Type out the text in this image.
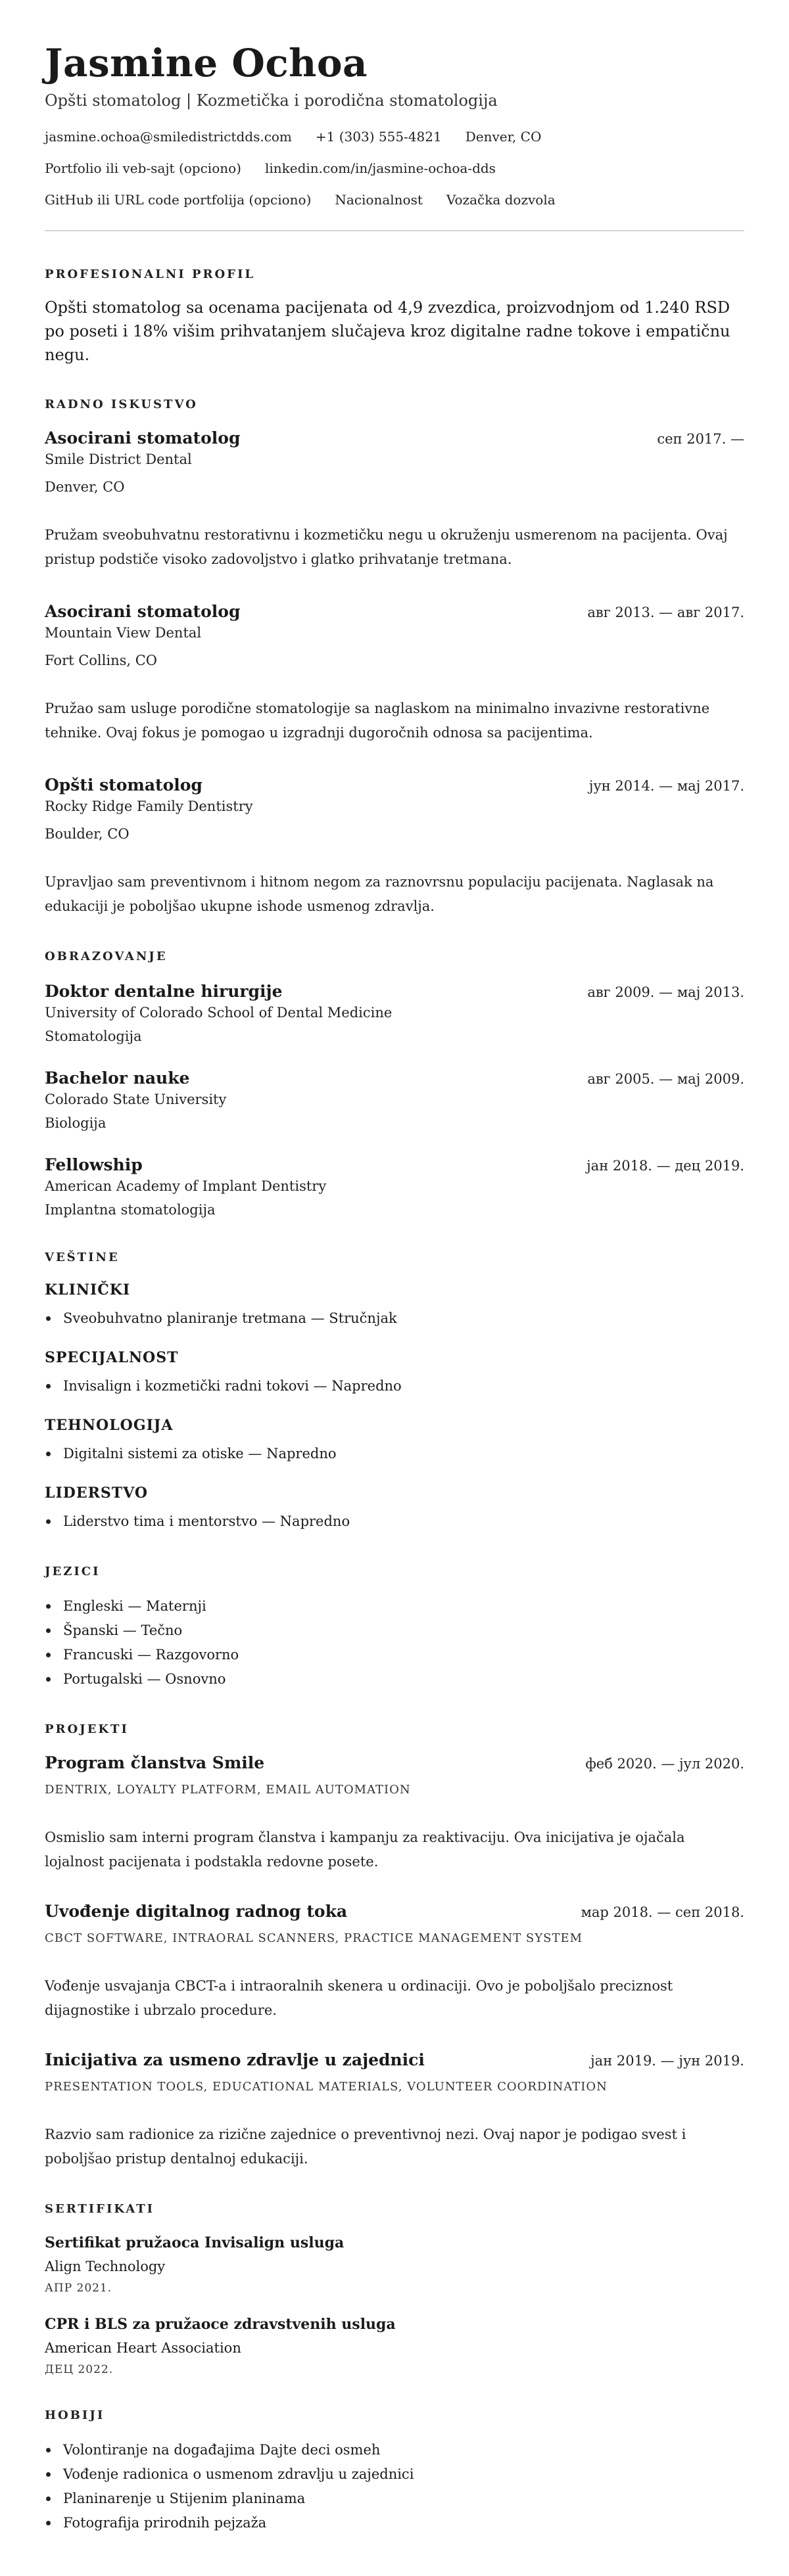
Jasmine Ochoa
Opšti stomatolog | Kozmetička i porodična stomatologija
jasmine.ochoa@smiledistrictdds.com +1 (303) 555-4821 Denver, CO
Portfolio ili veb-sajt (opciono) linkedin.com/in/jasmine-ochoa-dds
GitHub ili URL code portfolija (opciono) Nacionalnost Vozačka dozvola
PROFESIONALNI PROFIL
Opšti stomatolog sa ocenama pacijenata od 4,9 zvezdica, proizvodnjom od 1.240 RSD po poseti i 18% višim prihvatanjem slučajeva kroz digitalne radne tokove i empatičnu negu.
RADNO ISKUSTVO
Asocirani stomatolog	сеп 2017. —
Smile District Dental
Denver, CO
Pružam sveobuhvatnu restorativnu i kozmetičku negu u okruženju usmerenom na pacijenta. Ovaj pristup podstiče visoko zadovoljstvo i glatko prihvatanje tretmana.
Asocirani stomatolog	авг 2013. — авг 2017.
Mountain View Dental
Fort Collins, CO
Pružao sam usluge porodične stomatologije sa naglaskom na minimalno invazivne restorativne tehnike. Ovaj fokus je pomogao u izgradnji dugoročnih odnosa sa pacijentima.
Opšti stomatolog	јун 2014. — мај 2017.
Rocky Ridge Family Dentistry
Boulder, CO
Upravljao sam preventivnom i hitnom negom za raznovrsnu populaciju pacijenata. Naglasak na edukaciji je poboljšao ukupne ishode usmenog zdravlja.
OBRAZOVANJE
Doktor dentalne hirurgije	авг 2009. — мај 2013.
University of Colorado School of Dental Medicine
Stomatologija
Bachelor nauke	авг 2005. — мај 2009.
Colorado State University
Biologija
Fellowship	јан 2018. — дец 2019.
American Academy of Implant Dentistry
Implantna stomatologija
VEŠTINE
KLINIČKI
Sveobuhvatno planiranje tretmana — Stručnjak
SPECIJALNOST
Invisalign i kozmetički radni tokovi — Napredno
TEHNOLOGIJA
Digitalni sistemi za otiske — Napredno
LIDERSTVO
Liderstvo tima i mentorstvo — Napredno
JEZICI
Engleski — Maternji
Španski — Tečno
Francuski — Razgovorno
Portugalski — Osnovno
PROJEKTI
Program članstva Smile	феб 2020. — јул 2020.
DENTRIX, LOYALTY PLATFORM, EMAIL AUTOMATION
Osmislio sam interni program članstva i kampanju za reaktivaciju. Ova inicijativa je ojačala lojalnost pacijenata i podstakla redovne posete.
Uvođenje digitalnog radnog toka	мар 2018. — сеп 2018.
CBCT SOFTWARE, INTRAORAL SCANNERS, PRACTICE MANAGEMENT SYSTEM
Vođenje usvajanja CBCT-a i intraoralnih skenera u ordinaciji. Ovo je poboljšalo preciznost dijagnostike i ubrzalo procedure.
Inicijativa za usmeno zdravlje u zajednici	јан 2019. — јун 2019.
PRESENTATION TOOLS, EDUCATIONAL MATERIALS, VOLUNTEER COORDINATION
Razvio sam radionice za rizične zajednice o preventivnoj nezi. Ovaj napor je podigao svest i poboljšao pristup dentalnoj edukaciji.
SERTIFIKATI
Sertifikat pružaoca Invisalign usluga
Align Technology
АПР 2021.
CPR i BLS za pružaoce zdravstvenih usluga
American Heart Association
ДЕЦ 2022.
HOBIJI
Volontiranje na događajima Dajte deci osmeh
Vođenje radionica o usmenom zdravlju u zajednici
Planinarenje u Stijenim planinama
Fotografija prirodnih pejzaža
